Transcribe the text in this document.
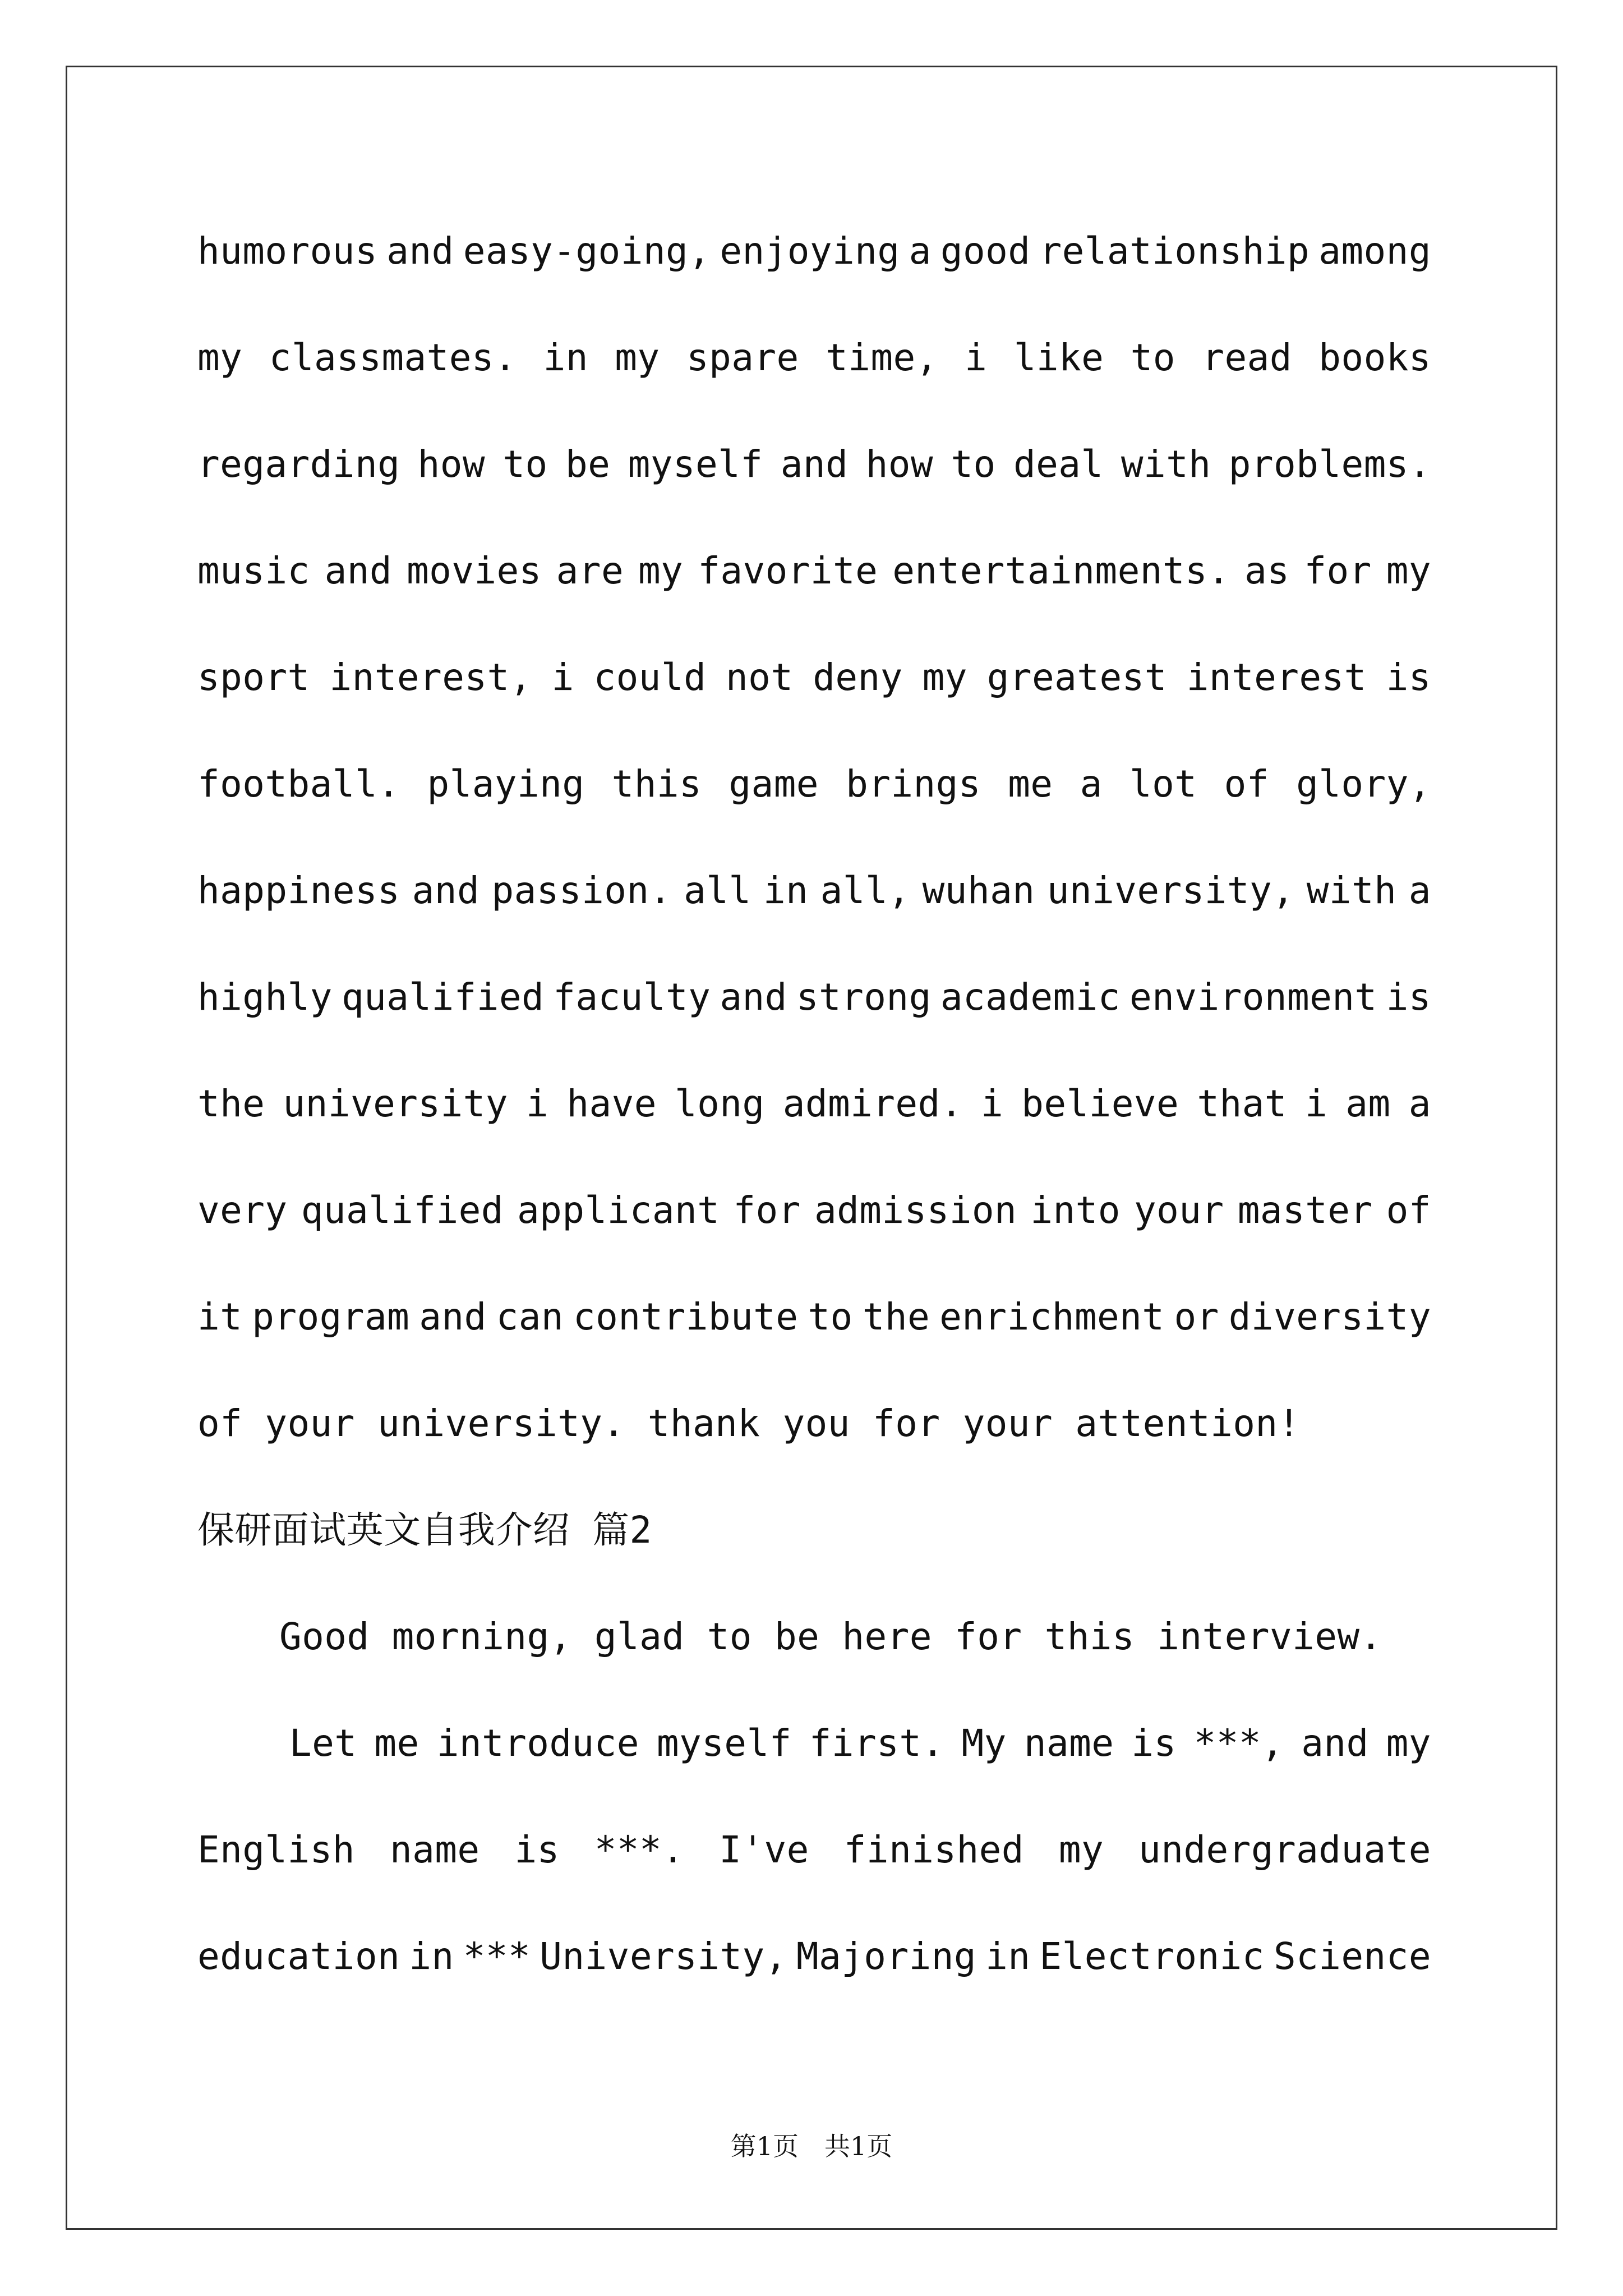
humorous and easy-going, enjoying a good relationship among
my classmates. in my spare time, i like to read books
regarding how to be myself and how to deal with problems.
music and movies are my favorite entertainments. as for my
sport interest, i could not deny my greatest interest is
football. playing this game brings me a lot of glory,
happiness and passion. all in all, wuhan university, with a
highly qualified faculty and strong academic environment is
the university i have long admired. i believe that i am a
very qualified applicant for admission into your master of
it program and can contribute to the enrichment or diversity
of your university. thank you for your attention!
保研面试英文自我介绍 篇2
Good morning, glad to be here for this interview.
Let me introduce myself first. My name is ***, and my
English name is ***. I've finished my undergraduate
education in *** University, Majoring in Electronic Science
第1页 共1页
